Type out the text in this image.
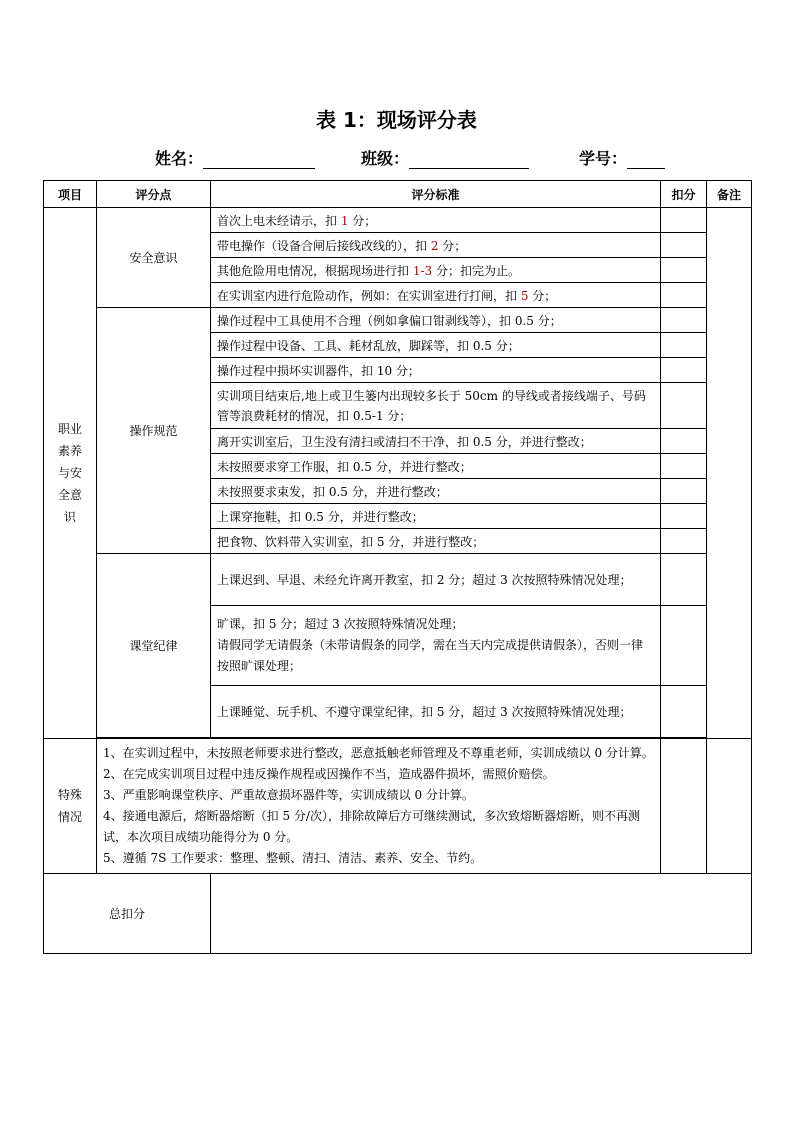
表 1：现场评分表
姓名：	班级：	学号：
项目	评分点	评分标准	扣分	备注

职业素养与安全意识	安全意识	首次上电未经请示，扣 1 分；		
		带电操作（设备合闸后接线改线的），扣 2 分；		
		其他危险用电情况，根据现场进行扣 1-3 分；扣完为止。		
		在实训室内进行危险动作，例如：在实训室进行打闸，扣 5 分；		
	操作规范	操作过程中工具使用不合理（例如拿偏口钳剥线等），扣 0.5 分；		
		操作过程中设备、工具、耗材乱放，脚踩等，扣 0.5 分；		
		操作过程中损坏实训器件，扣 10 分；		
		实训项目结束后,地上或卫生篓内出现较多长于 50cm 的导线或者接线端子、号码管等浪费耗材的情况，扣 0.5-1 分；		
		离开实训室后，卫生没有清扫或清扫不干净，扣 0.5 分，并进行整改；		
		未按照要求穿工作服，扣 0.5 分，并进行整改；		
		未按照要求束发，扣 0.5 分，并进行整改；		
		上课穿拖鞋，扣 0.5 分，并进行整改；		
		把食物、饮料带入实训室，扣 5 分，并进行整改；		
	课堂纪律	上课迟到、早退、未经允许离开教室，扣 2 分；超过 3 次按照特殊情况处理；		

		旷课，扣 5 分；超过 3 次按照特殊情况处理；
请假同学无请假条（未带请假条的同学，需在当天内完成提供请假条），否则一律按照旷课处理；		

		上课睡觉、玩手机、不遵守课堂纪律，扣 5 分，超过 3 次按照特殊情况处理；		

特殊情况	1、在实训过程中，未按照老师要求进行整改，恶意抵触老师管理及不尊重老师，实训成绩以 0 分计算。
2、在完成实训项目过程中违反操作规程或因操作不当，造成器件损坏，需照价赔偿。
3、严重影响课堂秩序、严重故意损坏器件等，实训成绩以 0 分计算。
4、接通电源后，熔断器熔断（扣 5 分/次），排除故障后方可继续测试，多次致熔断器熔断，则不再测试，本次项目成绩功能得分为 0 分。
5、遵循 7S 工作要求：整理、整顿、清扫、清洁、素养、安全、节约。			

总扣分				
